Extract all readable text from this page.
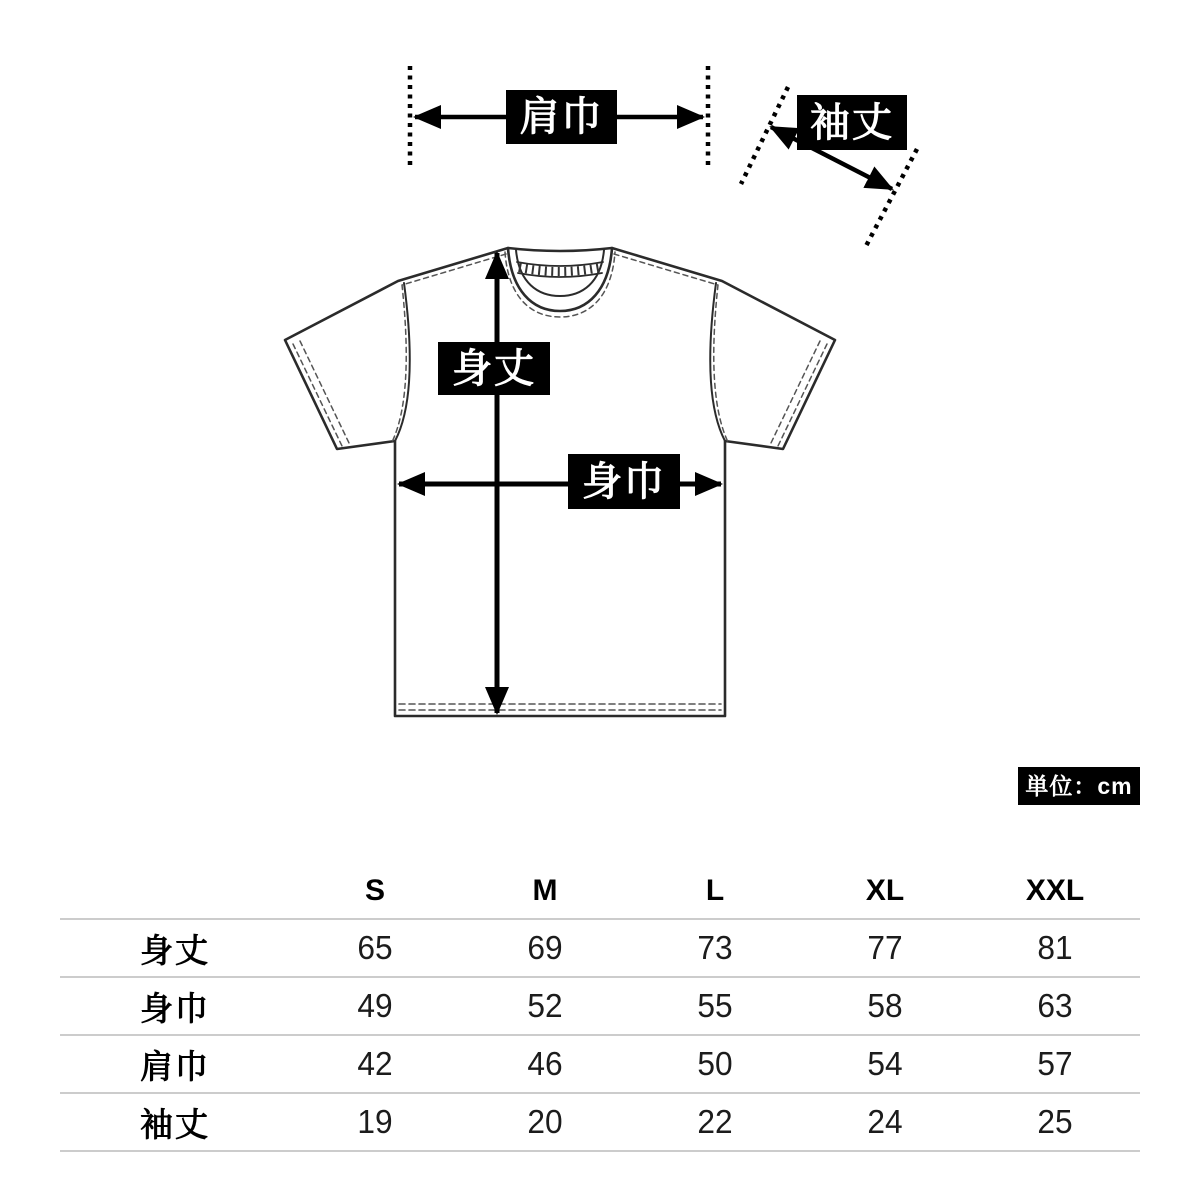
肩巾	袖丈
身丈
身巾
単位：cm
S	M	L	XL	XXL
身丈	65	69	73	77	81
身巾	49	52	55	58	63
肩巾	42	46	50	54	57
袖丈	19	20	22	24	25
